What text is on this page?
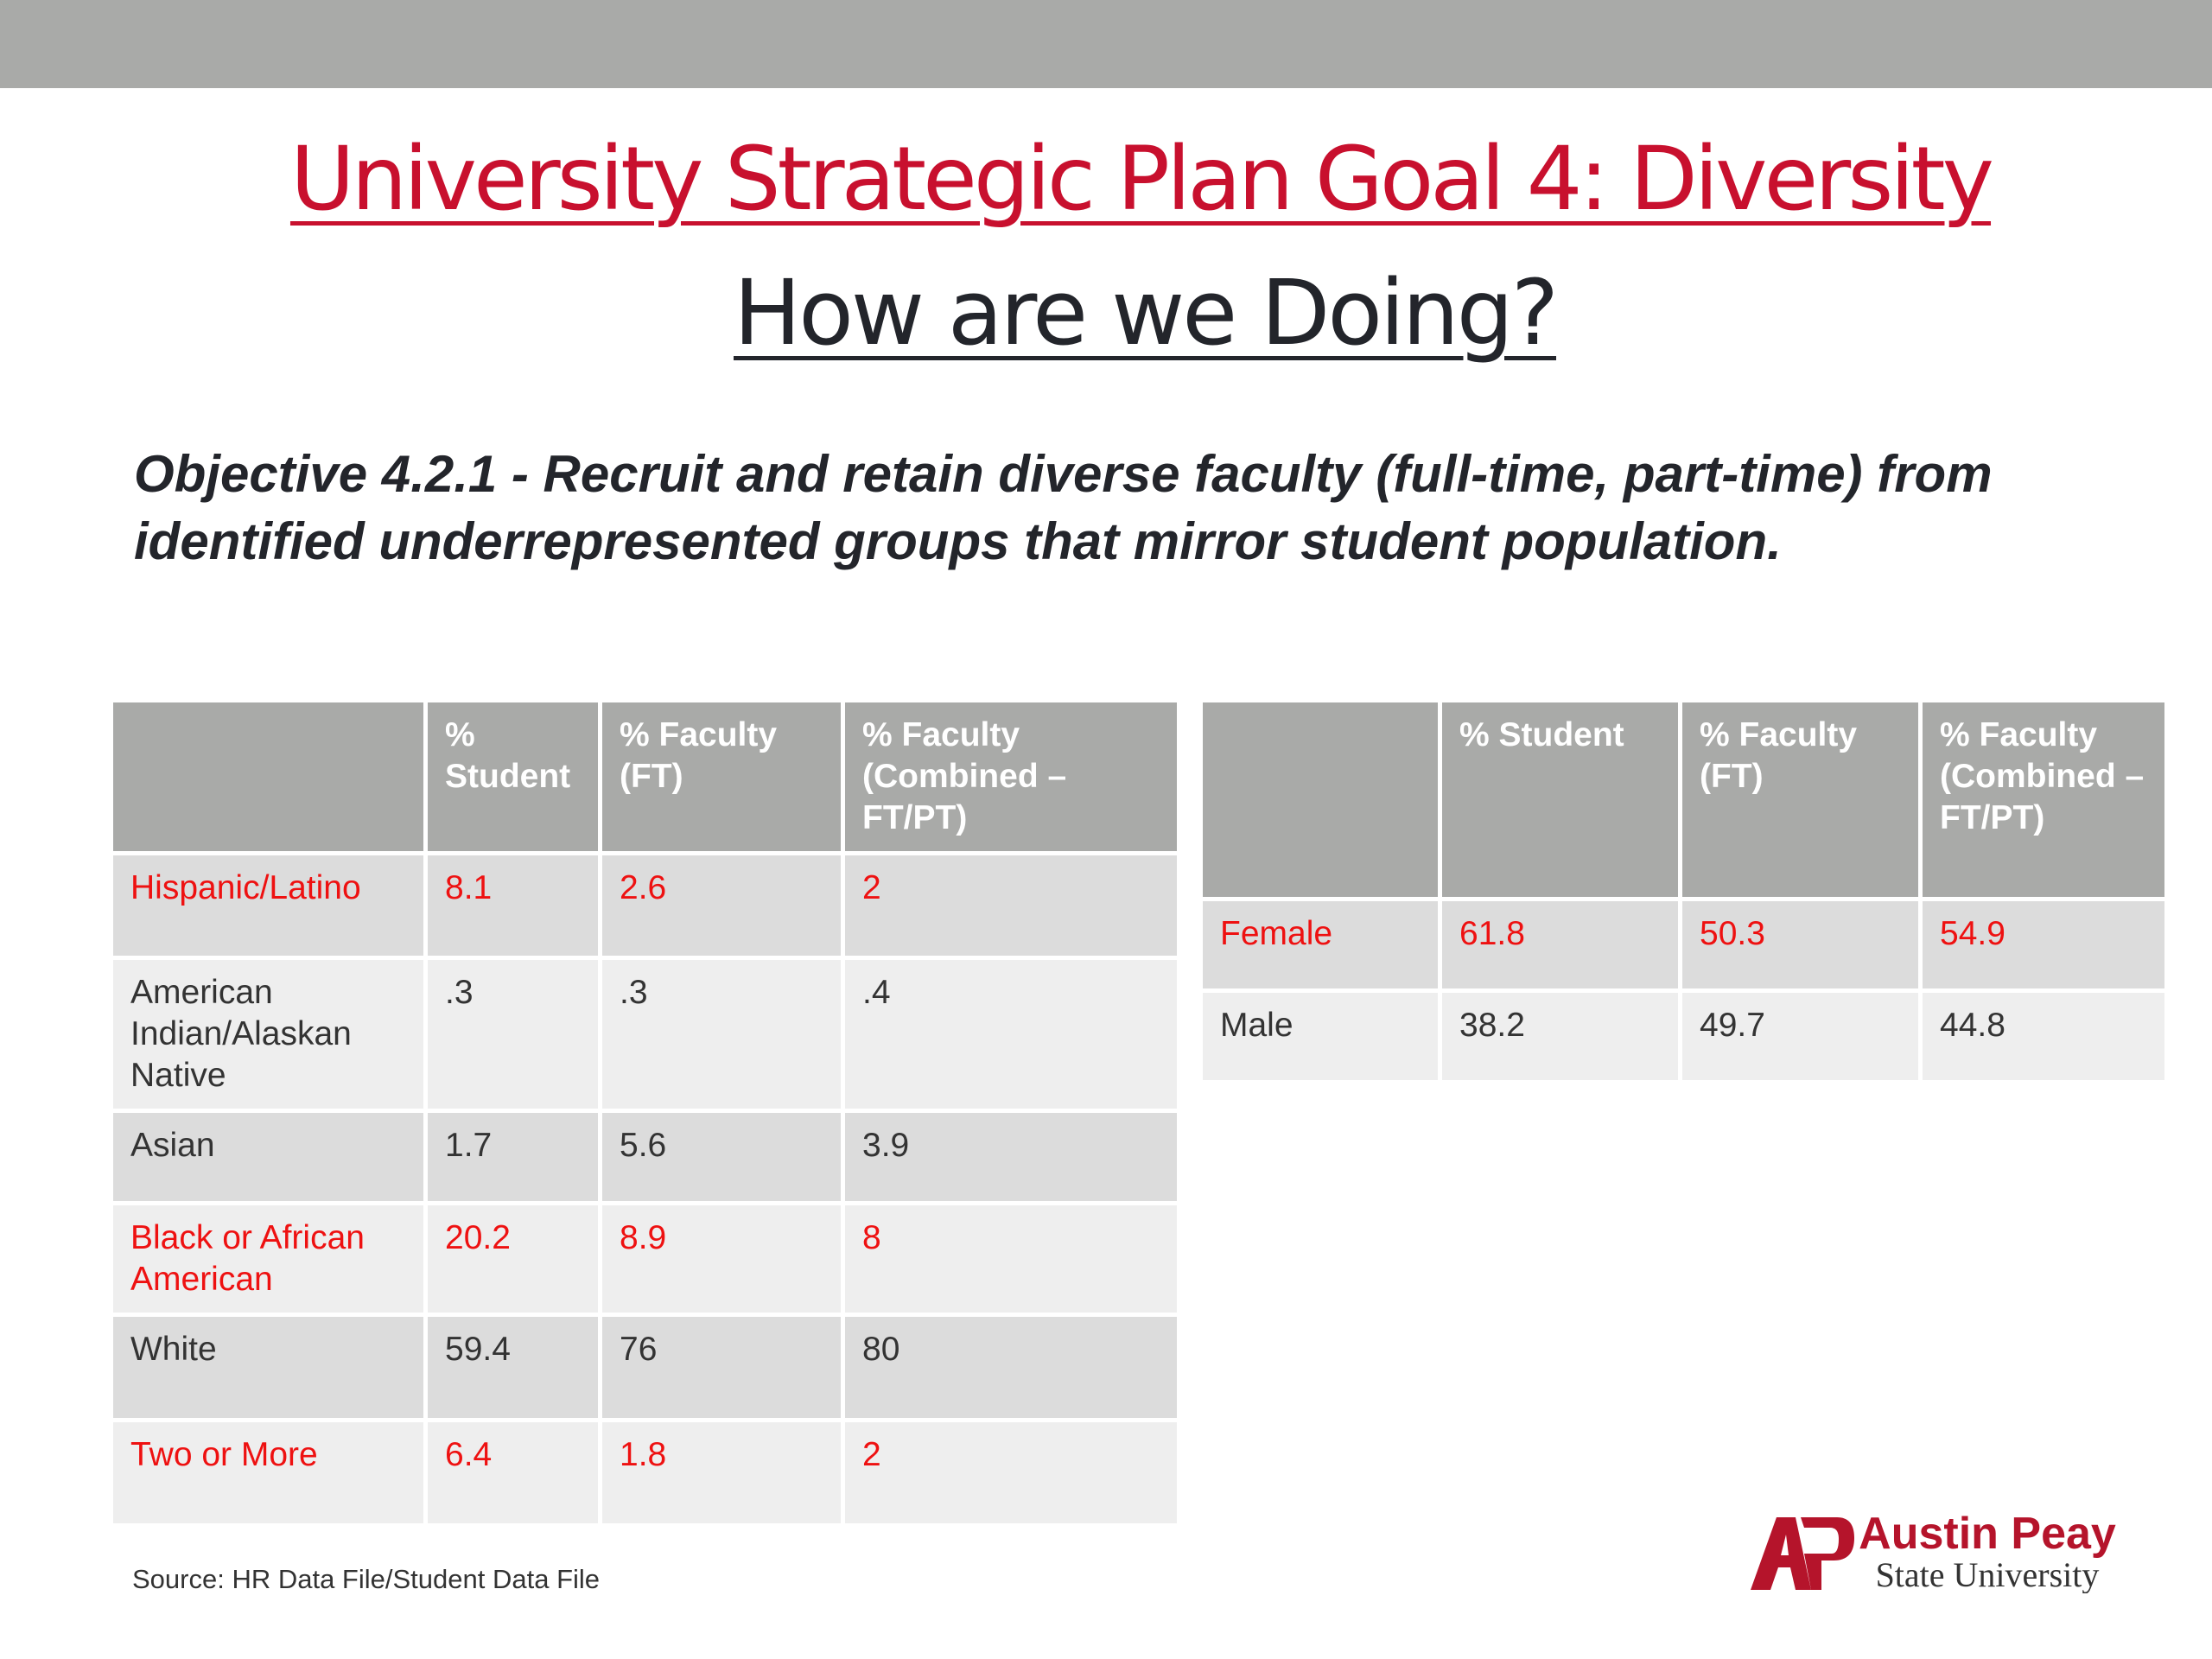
University Strategic Plan Goal 4: Diversity
How are we Doing?
Objective 4.2.1 - Recruit and retain diverse faculty (full-time, part-time) from identified underrepresented groups that mirror student population.
	% Student	% Faculty (FT)	% Faculty (Combined – FT/PT)
Hispanic/Latino	8.1	2.6	2
American Indian/Alaskan Native	.3	.3	.4
Asian	1.7	5.6	3.9
Black or African American	20.2	8.9	8
White	59.4	76	80
Two or More	6.4	1.8	2
	% Student	% Faculty (FT)	% Faculty (Combined – FT/PT)
Female	61.8	50.3	54.9
Male	38.2	49.7	44.8
Source: HR Data File/Student Data File
Austin Peay
State University
